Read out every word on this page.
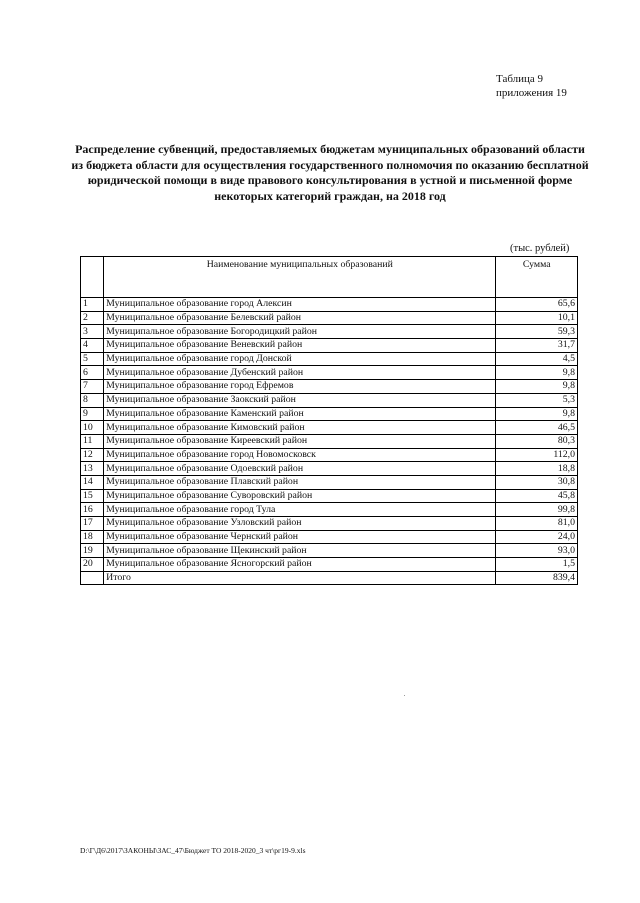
Таблица 9
приложения 19
Распределение субвенций, предоставляемых бюджетам муниципальных образований области из бюджета области для осуществления государственного полномочия по оказанию бесплатной юридической помощи в виде правового консультирования в устной и письменной форме некоторых категорий граждан, на 2018 год
(тыс. рублей)
	Наименование муниципальных образований	Сумма
1	Муниципальное образование город Алексин	65,6
2	Муниципальное образование Белевский район	10,1
3	Муниципальное образование Богородицкий район	59,3
4	Муниципальное образование Веневский район	31,7
5	Муниципальное образование город Донской	4,5
6	Муниципальное образование Дубенский район	9,8
7	Муниципальное образование город Ефремов	9,8
8	Муниципальное образование Заокский район	5,3
9	Муниципальное образование Каменский район	9,8
10	Муниципальное образование Кимовский район	46,5
11	Муниципальное образование Киреевский район	80,3
12	Муниципальное образование город Новомосковск	112,0
13	Муниципальное образование Одоевский район	18,8
14	Муниципальное образование Плавский район	30,8
15	Муниципальное образование Суворовский район	45,8
16	Муниципальное образование город Тула	99,8
17	Муниципальное образование Узловский район	81,0
18	Муниципальное образование Чернский район	24,0
19	Муниципальное образование Щекинский район	93,0
20	Муниципальное образование Ясногорский район	1,5
	Итого	839,4
D:\Г\Д6\2017\ЗАКОНЫ\ЗАС_47\Бюджет ТО 2018-2020_3 чт\рг19-9.xls
